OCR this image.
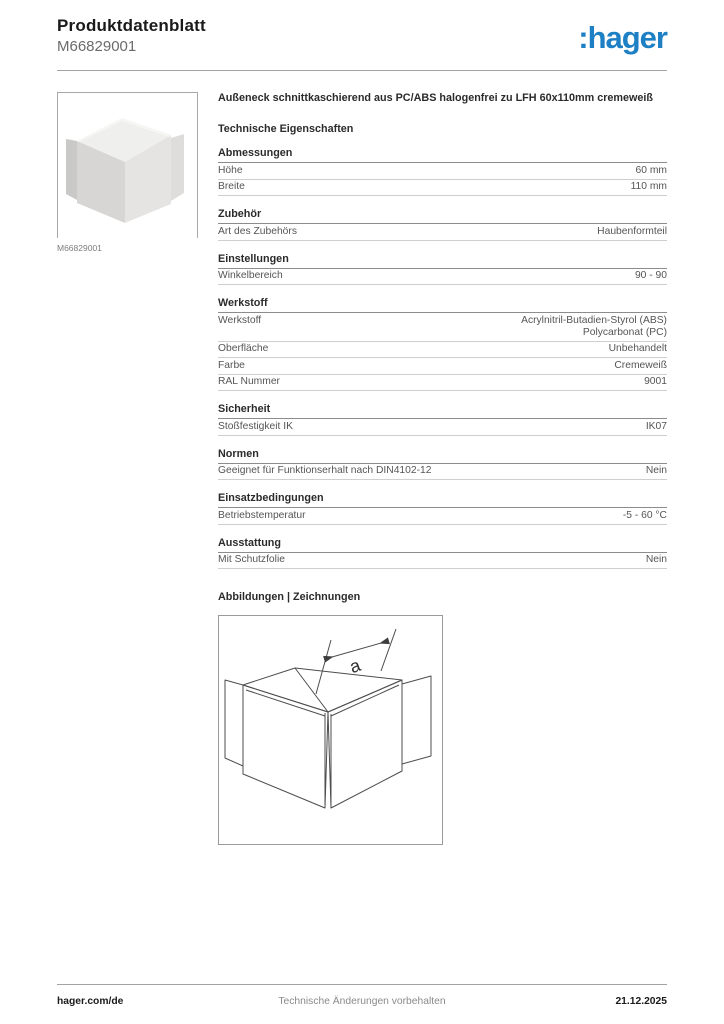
Produktdatenblatt
M66829001	:hager
M66829001
Außeneck schnittkaschierend aus PC/ABS halogenfrei zu LFH 60x110mm cremeweiß
Technische Eigenschaften
Abmessungen
Höhe	60 mm
Breite	110 mm
Zubehör
Art des Zubehörs	Haubenformteil
Einstellungen
Winkelbereich	90 - 90
Werkstoff
Werkstoff	Acrylnitril-Butadien-Styrol (ABS)
Polycarbonat (PC)
Oberfläche	Unbehandelt
Farbe	Cremeweiß
RAL Nummer	9001
Sicherheit
Stoßfestigkeit IK	IK07
Normen
Geeignet für Funktionserhalt nach DIN4102-12	Nein
Einsatzbedingungen
Betriebstemperatur	-5 - 60 °C
Ausstattung
Mit Schutzfolie	Nein
Abbildungen | Zeichnungen
a
hager.com/de	Technische Änderungen vorbehalten	21.12.2025
